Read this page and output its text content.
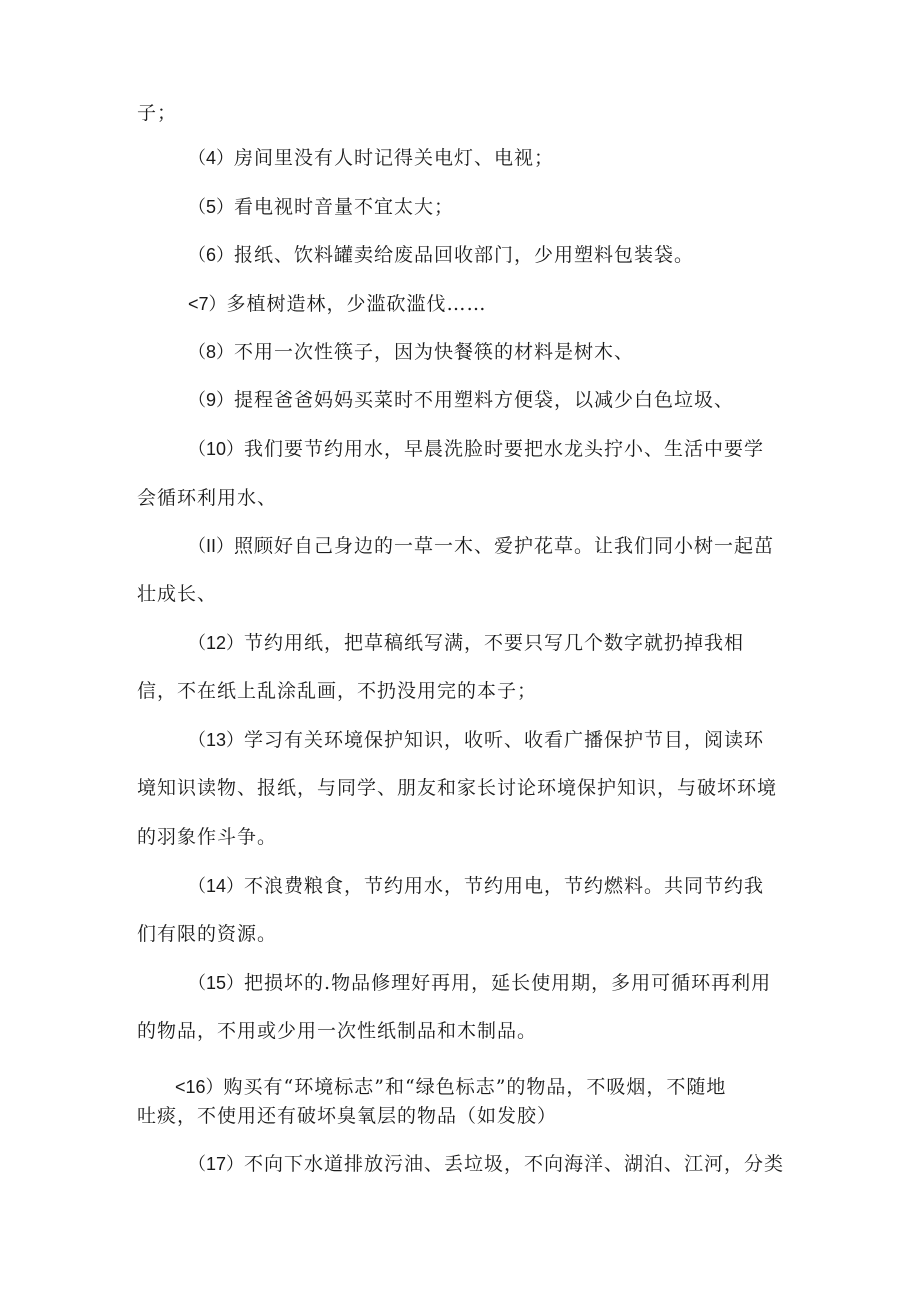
子；
（4）房间里没有人时记得关电灯、电视；
（5）看电视时音量不宜太大；
（6）报纸、饮料罐卖给废品回收部门，少用塑料包装袋。
<7）多植树造林，少滥砍滥伐……
（8）不用一次性筷子，因为快餐筷的材料是树木、
（9）提程爸爸妈妈买菜时不用塑料方便袋，以减少白色垃圾、
（10）我们要节约用水，早晨洗脸时要把水龙头拧小、生活中要学
会循环利用水、
（II）照顾好自己身边的一草一木、爱护花草。让我们同小树一起茁
壮成长、
（12）节约用纸，把草稿纸写满，不要只写几个数字就扔掉我相
信，不在纸上乱涂乱画，不扔没用完的本子；
（13）学习有关环境保护知识，收听、收看广播保护节目，阅读环
境知识读物、报纸，与同学、朋友和家长讨论环境保护知识，与破坏环境
的羽象作斗争。
（14）不浪费粮食，节约用水，节约用电，节约燃料。共同节约我
们有限的资源。
（15）把损坏的.物品修理好再用，延长使用期，多用可循环再利用
的物品，不用或少用一次性纸制品和木制品。
<16）购买有“环境标志”和“绿色标志”的物品，不吸烟，不随地
吐痰，不使用还有破坏臭氧层的物品（如发胶）
（17）不向下水道排放污油、丢垃圾，不向海洋、湖泊、江河，分类
